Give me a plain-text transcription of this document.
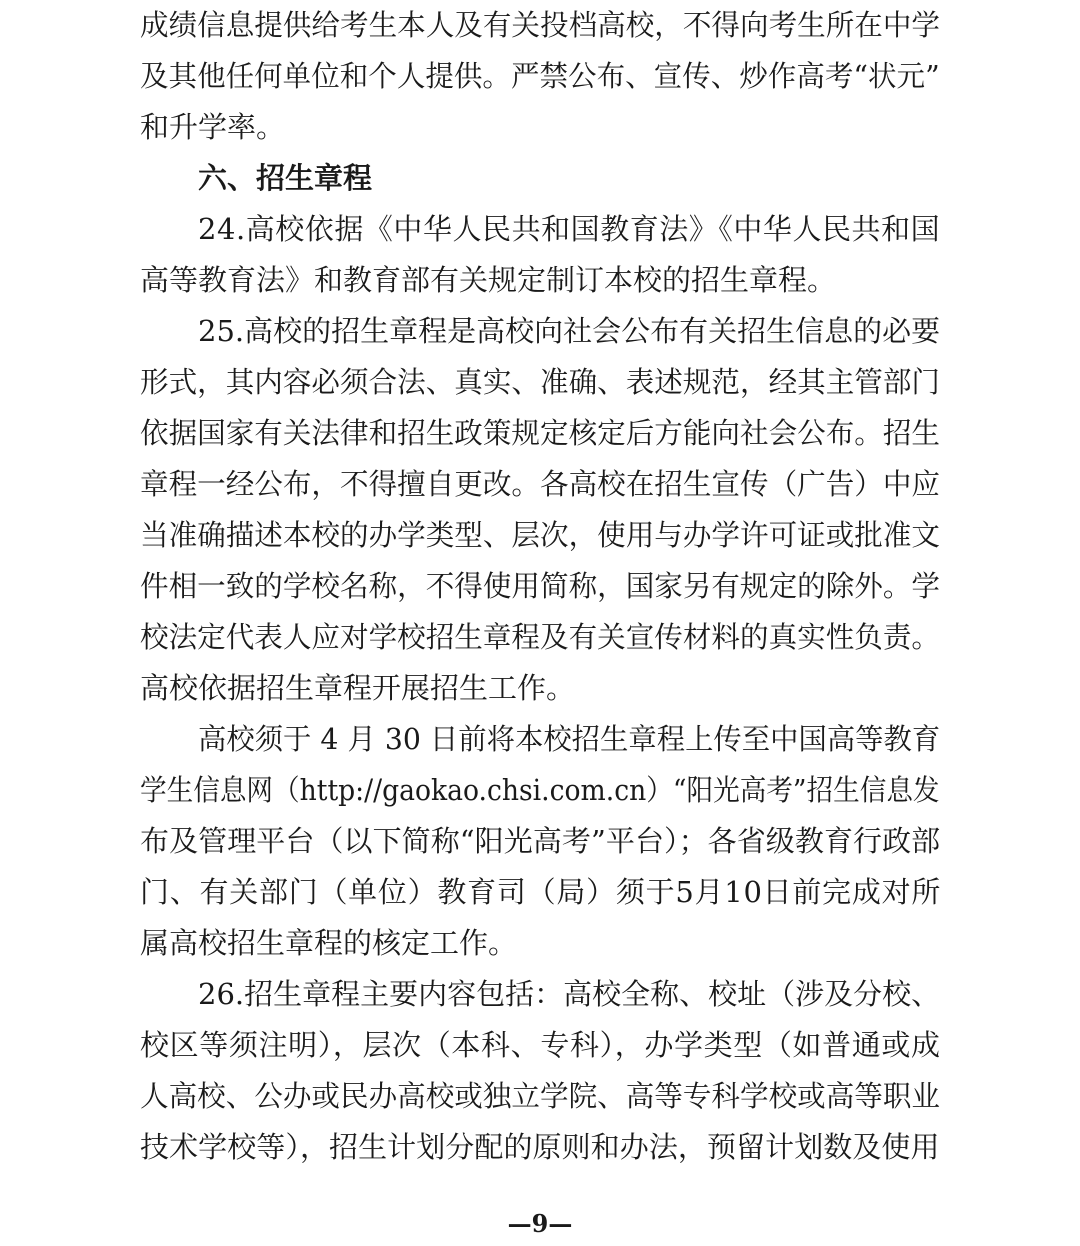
成绩信息提供给考生本人及有关投档高校，不得向考生所在中学
及其他任何单位和个人提供。严禁公布、宣传、炒作高考“状元”
和升学率。
六、招生章程
24.高校依据《中华人民共和国教育法》《中华人民共和国
高等教育法》和教育部有关规定制订本校的招生章程。
25.高校的招生章程是高校向社会公布有关招生信息的必要
形式，其内容必须合法、真实、准确、表述规范，经其主管部门
依据国家有关法律和招生政策规定核定后方能向社会公布。招生
章程一经公布，不得擅自更改。各高校在招生宣传（广告）中应
当准确描述本校的办学类型、层次，使用与办学许可证或批准文
件相一致的学校名称，不得使用简称，国家另有规定的除外。学
校法定代表人应对学校招生章程及有关宣传材料的真实性负责。
高校依据招生章程开展招生工作。
高校须于 4 月 30 日前将本校招生章程上传至中国高等教育
学生信息网（http://gaokao.chsi.com.cn）“阳光高考”招生信息发
布及管理平台（以下简称“阳光高考”平台）；各省级教育行政部
门、有关部门（单位）教育司（局）须于5月10日前完成对所
属高校招生章程的核定工作。
26.招生章程主要内容包括：高校全称、校址（涉及分校、
校区等须注明），层次（本科、专科），办学类型（如普通或成
人高校、公办或民办高校或独立学院、高等专科学校或高等职业
技术学校等），招生计划分配的原则和办法，预留计划数及使用
—9—
